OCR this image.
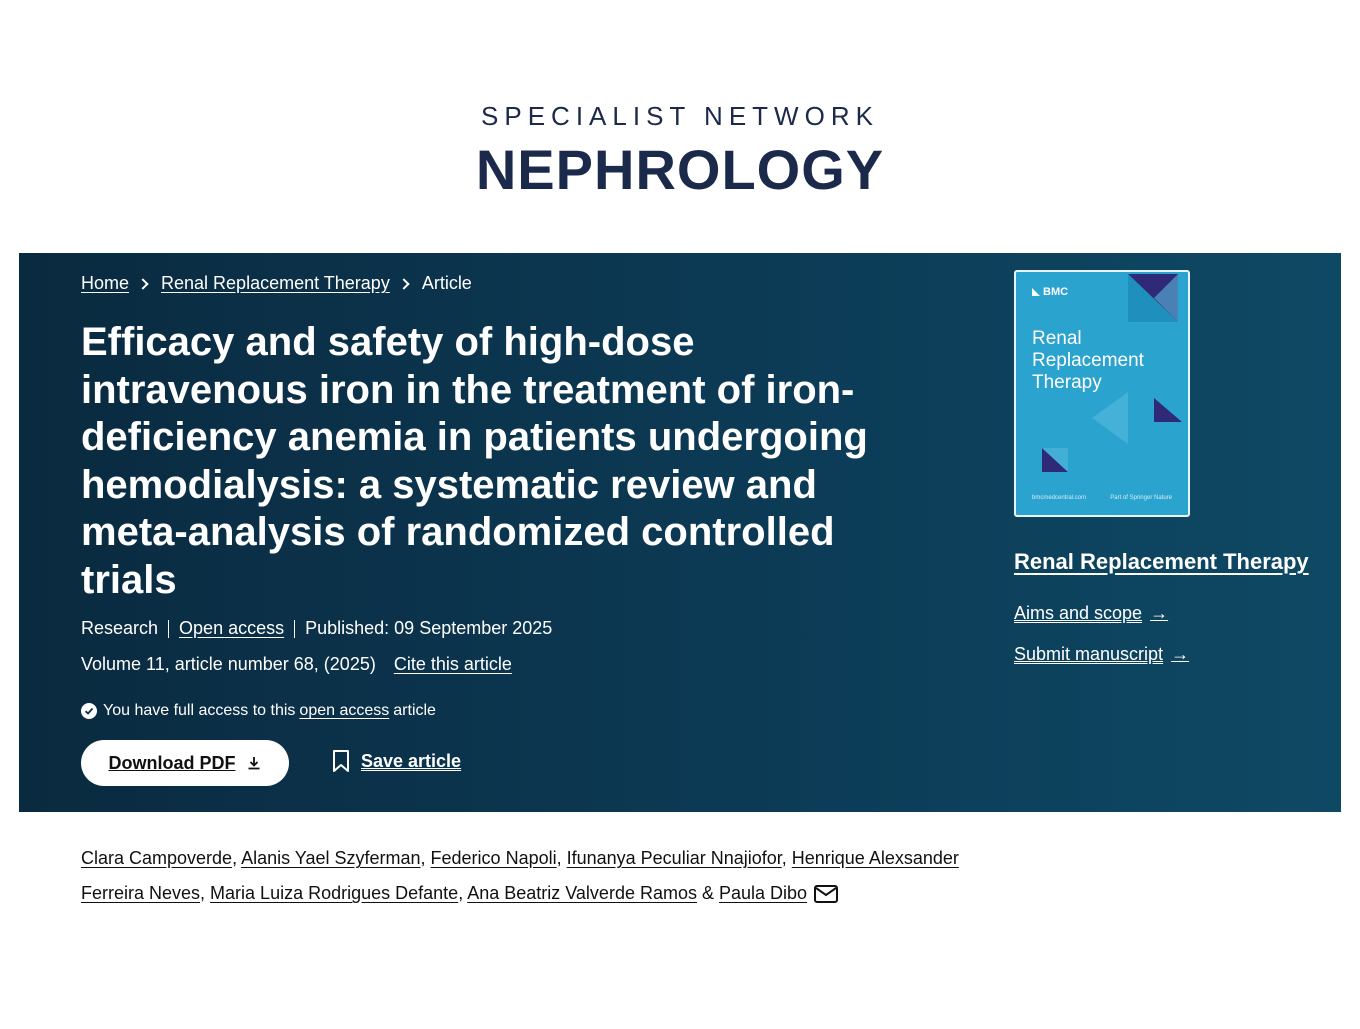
SPECIALIST NETWORK
NEPHROLOGY
Home Renal Replacement Therapy Article
Efficacy and safety of high-dose intravenous iron in the treatment of iron-deficiency anemia in patients undergoing hemodialysis: a systematic review and meta-analysis of randomized controlled trials
Research Open access Published: 09 September 2025
Volume 11, article number 68, (2025) Cite this article
You have full access to this open access article
Download PDF	Save article
BMC
Renal Replacement Therapy
bmcmedcentral.com	Part of Springer Nature
Renal Replacement Therapy
Aims and scope →
Submit manuscript →
Clara Campoverde, Alanis Yael Szyferman, Federico Napoli, Ifunanya Peculiar Nnajiofor, Henrique Alexsander Ferreira Neves, Maria Luiza Rodrigues Defante, Ana Beatriz Valverde Ramos & Paula Dibo
